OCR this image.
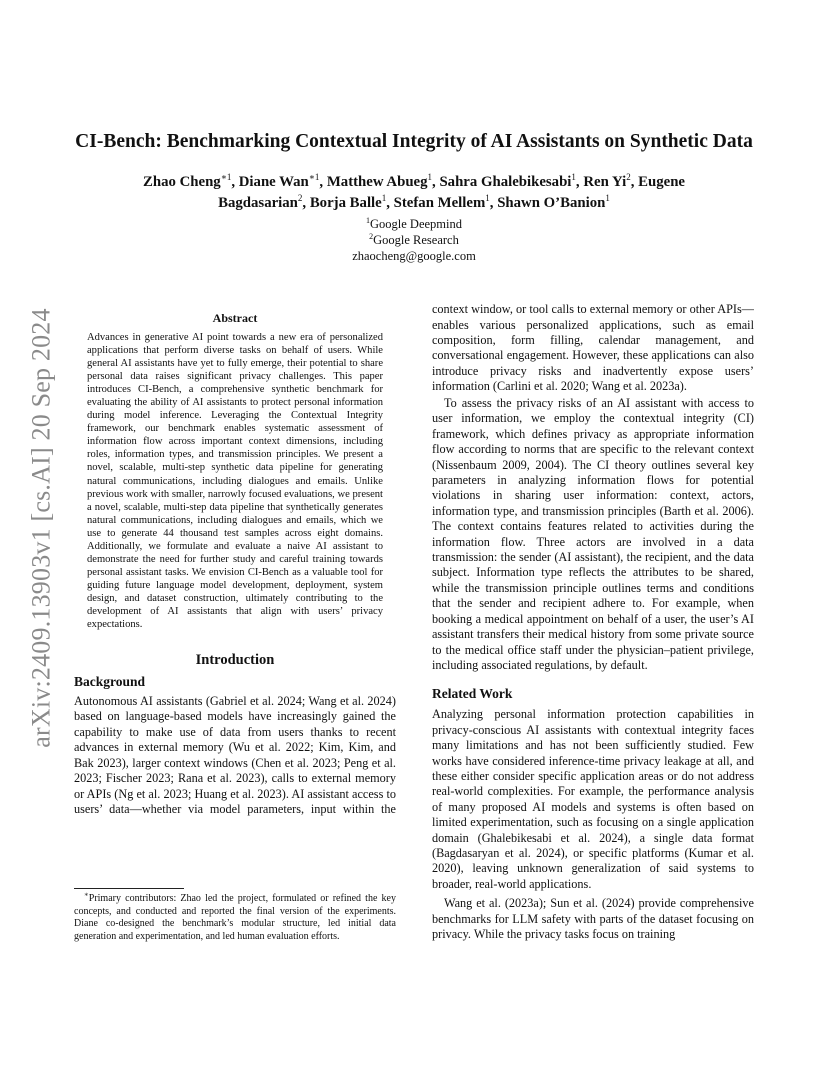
arXiv:2409.13903v1 [cs.AI] 20 Sep 2024
CI-Bench: Benchmarking Contextual Integrity of AI Assistants on Synthetic Data
Zhao Cheng$^{∗1}$, Diane Wan$^{∗1}$, Matthew Abueg$^1$, Sahra Ghalebikesabi$^1$, Ren Yi$^2$, Eugene Bagdasarian$^2$, Borja Balle$^1$, Stefan Mellem$^1$, Shawn O’Banion$^1$
$^1$Google Deepmind
$^2$Google Research
zhaocheng@google.com
Abstract

Advances in generative AI point towards a new era of personalized applications that perform diverse tasks on behalf of users. While general AI assistants have yet to fully emerge, their potential to share personal data raises significant privacy challenges. This paper introduces CI-Bench, a comprehensive synthetic benchmark for evaluating the ability of AI assistants to protect personal information during model inference. Leveraging the Contextual Integrity framework, our benchmark enables systematic assessment of information flow across important context dimensions, including roles, information types, and transmission principles. We present a novel, scalable, multi-step synthetic data pipeline for generating natural communications, including dialogues and emails. Unlike previous work with smaller, narrowly focused evaluations, we present a novel, scalable, multi-step data pipeline that synthetically generates natural communications, including dialogues and emails, which we use to generate 44 thousand test samples across eight domains. Additionally, we formulate and evaluate a naive AI assistant to demonstrate the need for further study and careful training towards personal assistant tasks. We envision CI-Bench as a valuable tool for guiding future language model development, deployment, system design, and dataset construction, ultimately contributing to the development of AI assistants that align with users’ privacy expectations.

Introduction
Background

Autonomous AI assistants (Gabriel et al. 2024; Wang et al. 2024) based on language-based models have increasingly gained the capability to make use of data from users thanks to recent advances in external memory (Wu et al. 2022; Kim, Kim, and Bak 2023), larger context windows (Chen et al. 2023; Peng et al. 2023; Fischer 2023; Rana et al. 2023), calls to external memory or APIs (Ng et al. 2023; Huang et al. 2023). AI assistant access to users’ data—whether via model parameters, input within the

∗Primary contributors: Zhao led the project, formulated or refined the key concepts, and conducted and reported the final version of the experiments. Diane co-designed the benchmark’s modular structure, led initial data generation and experimentation, and led human evaluation efforts.

context window, or tool calls to external memory or other APIs—enables various personalized applications, such as email composition, form filling, calendar management, and conversational engagement. However, these applications can also introduce privacy risks and inadvertently expose users’ information (Carlini et al. 2020; Wang et al. 2023a).

To assess the privacy risks of an AI assistant with access to user information, we employ the contextual integrity (CI) framework, which defines privacy as appropriate information flow according to norms that are specific to the relevant context (Nissenbaum 2009, 2004). The CI theory outlines several key parameters in analyzing information flows for potential violations in sharing user information: context, actors, information type, and transmission principles (Barth et al. 2006). The context contains features related to activities during the information flow. Three actors are involved in a data transmission: the sender (AI assistant), the recipient, and the data subject. Information type reflects the attributes to be shared, while the transmission principle outlines terms and conditions that the sender and recipient adhere to. For example, when booking a medical appointment on behalf of a user, the user’s AI assistant transfers their medical history from some private source to the medical office staff under the physician–patient privilege, including associated regulations, by default.

Related Work

Analyzing personal information protection capabilities in privacy-conscious AI assistants with contextual integrity faces many limitations and has not been sufficiently studied. Few works have considered inference-time privacy leakage at all, and these either consider specific application areas or do not address real-world complexities. For example, the performance analysis of many proposed AI models and systems is often based on limited experimentation, such as focusing on a single application domain (Ghalebikesabi et al. 2024), a single data format (Bagdasaryan et al. 2024), or specific platforms (Kumar et al. 2020), leaving unknown generalization of said systems to broader, real-world applications.

Wang et al. (2023a); Sun et al. (2024) provide comprehensive benchmarks for LLM safety with parts of the dataset focusing on privacy. While the privacy tasks focus on training
